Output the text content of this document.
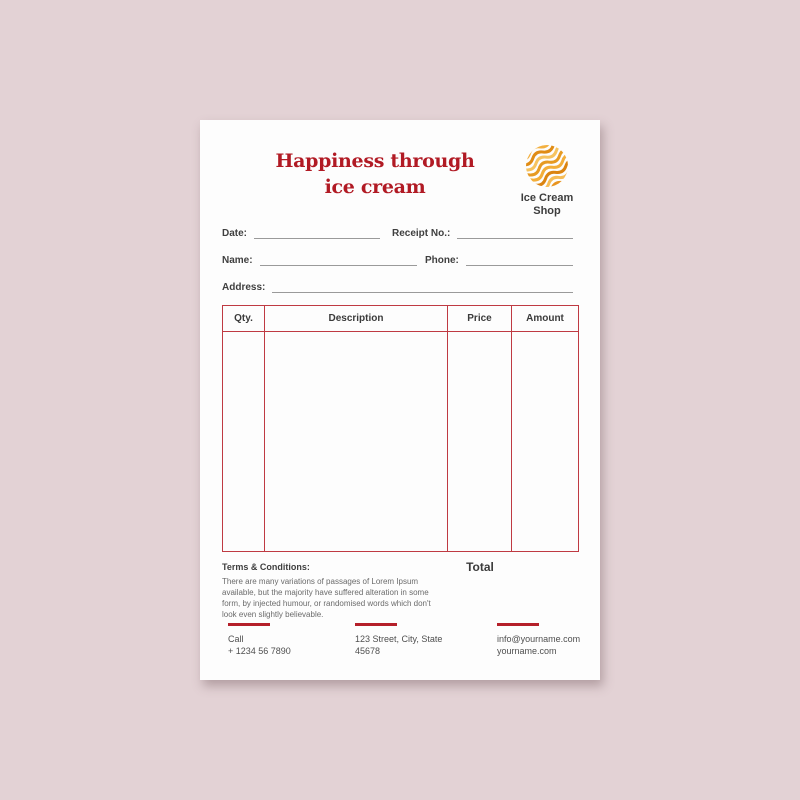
Happiness through
ice cream	Ice Cream
Shop
Date:	Receipt No.:
Name:	Phone:
Address:
Qty.	Description	Price	Amount
Total
Terms & Conditions:
There are many variations of passages of Lorem Ipsum available, but the majority have suffered alteration in some form, by injected humour, or randomised words which don't look even slightly believable.
Call
+ 1234 56 7890
123 Street, City, State
45678
info@yourname.com
yourname.com
